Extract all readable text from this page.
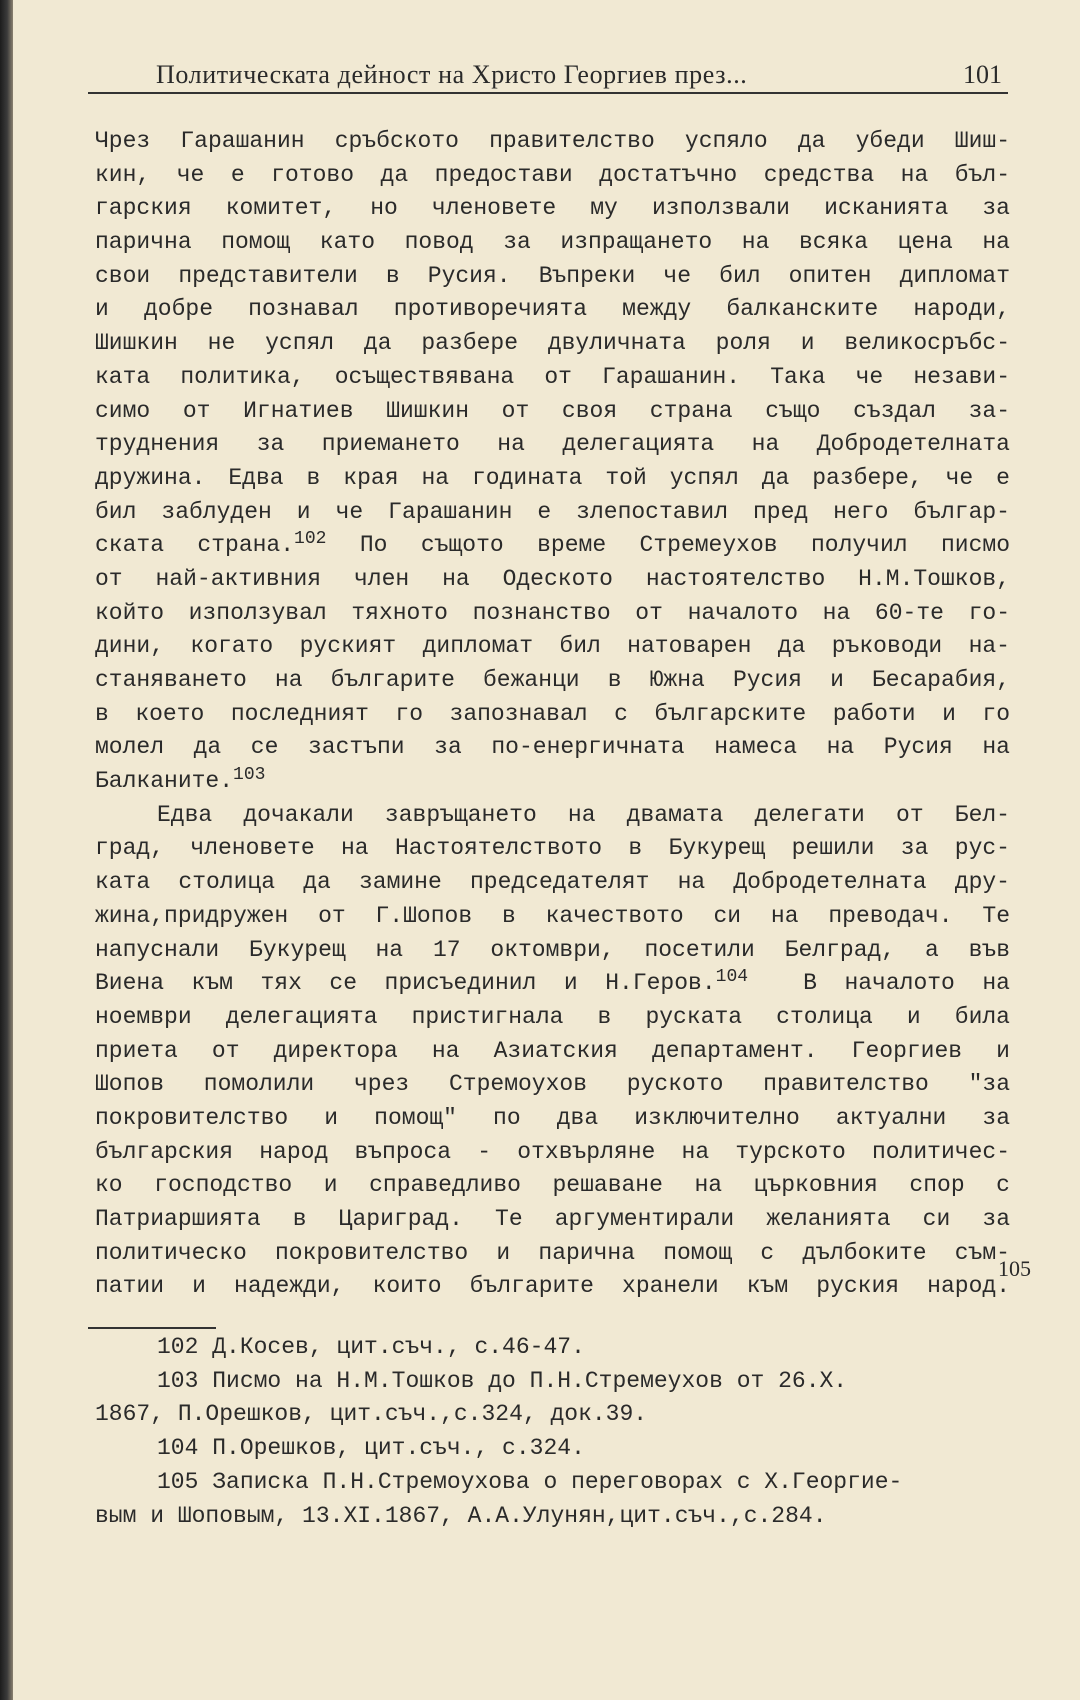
Политическата дейност на Христо Георгиев през...	101
Чрез Гарашанин сръбското правителство успяло да убеди Шиш-
кин, че е готово да предостави достатъчно средства на бъл-
гарския комитет, но членовете му използвали исканията за
парична помощ като повод за изпращането на всяка цена на
свои представители в Русия. Въпреки че бил опитен дипломат
и добре познавал противоречията между балканските народи,
Шишкин не успял да разбере двуличната роля и великосръбс-
ката политика, осъществявана от Гарашанин. Така че незави-
симо от Игнатиев Шишкин от своя страна също създал за-
труднения за приемането на делегацията на Добродетелната
дружина. Едва в края на годината той успял да разбере, че е
бил заблуден и че Гарашанин е злепоставил пред него българ-
ската страна.$^{102}$ По същото време Стремеухов получил писмо
от най-активния член на Одеското настоятелство Н.М.Тошков,
който използувал тяхното познанство от началото на 60-те го-
дини, когато руският дипломат бил натоварен да ръководи на-
станяването на българите бежанци в Южна Русия и Бесарабия,
в което последният го запознавал с българските работи и го
молел да се застъпи за по-енергичната намеса на Русия на
Балканите.$^{103}$
Едва дочакали завръщането на двамата делегати от Бел-
град, членовете на Настоятелството в Букурещ решили за рус-
ката столица да замине председателят на Добродетелната дру-
жина,придружен от Г.Шопов в качеството си на преводач. Те
напуснали Букурещ на 17 октомври, посетили Белград, а във
Виена към тях се присъединил и Н.Геров.$^{104}$ В началото на
ноември делегацията пристигнала в руската столица и била
приета от директора на Азиатския департамент. Георгиев и
Шопов помолили чрез Стремоухов руското правителство "за
покровителство и помощ" по два изключително актуални за
българския народ въпроса - отхвърляне на турското политичес-
ко господство и справедливо решаване на църковния спор с
Патриаршията в Цариград. Те аргументирали желанията си за
политическо покровителство и парична помощ с дълбоките съм-
патии и надежди, които българите хранели към руския народ.
105
102 Д.Косев, цит.съч., с.46-47.
103 Писмо на Н.М.Тошков до П.Н.Стремеухов от 26.Х.
1867, П.Орешков, цит.съч.,с.324, док.39.
104 П.Орешков, цит.съч., с.324.
105 Записка П.Н.Стремоухова о переговорах с Х.Георгие-
вым и Шоповым, 13.XI.1867, А.А.Улунян,цит.съч.,с.284.
